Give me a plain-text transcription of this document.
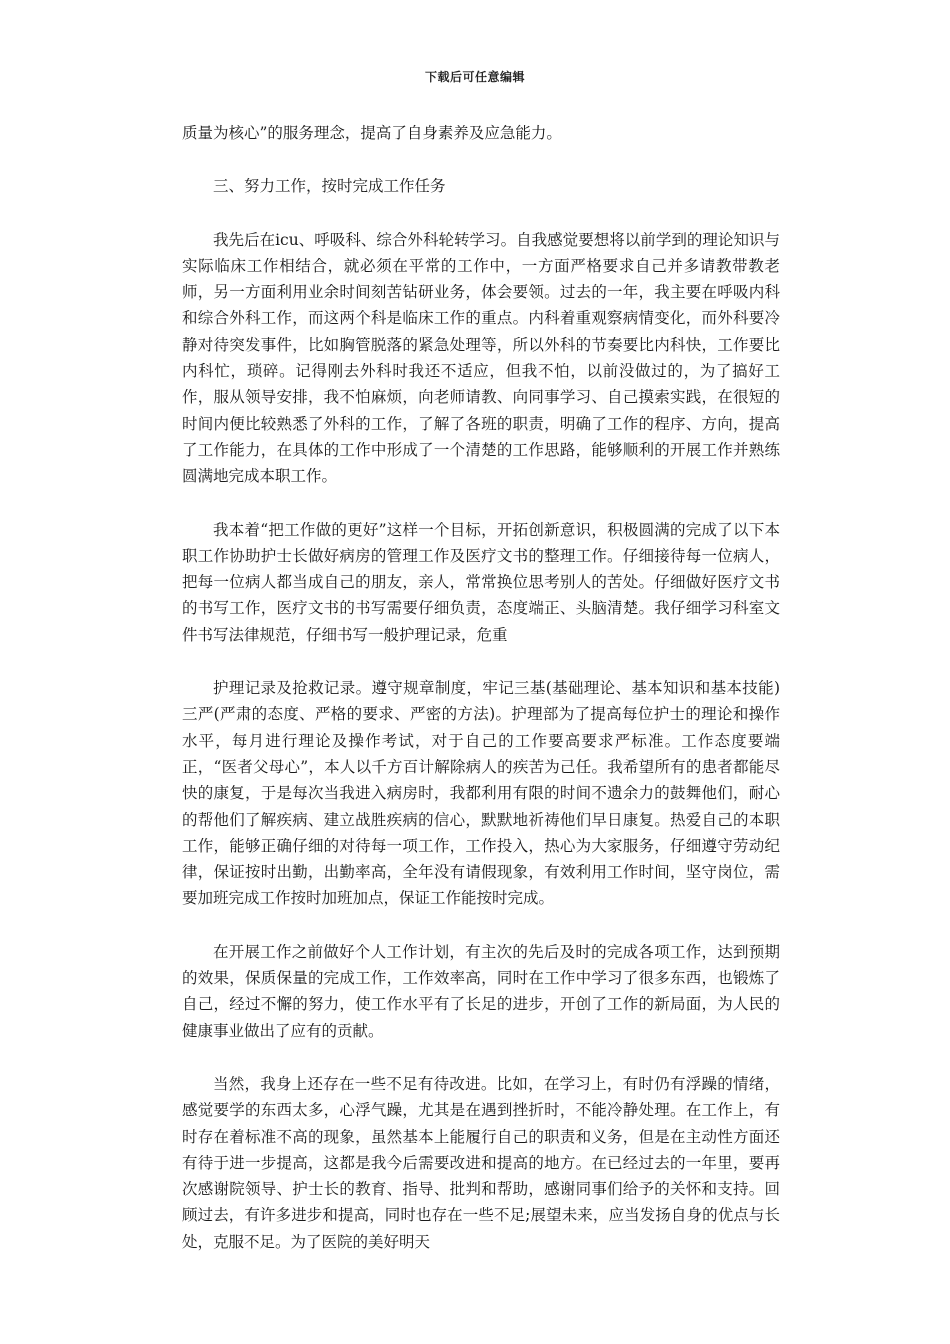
下载后可任意编辑

质量为核心”的服务理念，提高了自身素养及应急能力。

三、努力工作，按时完成工作任务

我先后在icu、呼吸科、综合外科轮转学习。自我感觉要想将以前学到的理论知识与实际临床工作相结合，就必须在平常的工作中，一方面严格要求自己并多请教带教老师，另一方面利用业余时间刻苦钻研业务，体会要领。过去的一年，我主要在呼吸内科和综合外科工作，而这两个科是临床工作的重点。内科着重观察病情变化，而外科要冷静对待突发事件，比如胸管脱落的紧急处理等，所以外科的节奏要比内科快，工作要比内科忙，琐碎。记得刚去外科时我还不适应，但我不怕，以前没做过的，为了搞好工作，服从领导安排，我不怕麻烦，向老师请教、向同事学习、自己摸索实践，在很短的时间内便比较熟悉了外科的工作，了解了各班的职责，明确了工作的程序、方向，提高了工作能力，在具体的工作中形成了一个清楚的工作思路，能够顺利的开展工作并熟练圆满地完成本职工作。

我本着“把工作做的更好”这样一个目标，开拓创新意识，积极圆满的完成了以下本职工作协助护士长做好病房的管理工作及医疗文书的整理工作。仔细接待每一位病人，把每一位病人都当成自己的朋友，亲人，常常换位思考别人的苦处。仔细做好医疗文书的书写工作，医疗文书的书写需要仔细负责，态度端正、头脑清楚。我仔细学习科室文件书写法律规范，仔细书写一般护理记录，危重

护理记录及抢救记录。遵守规章制度，牢记三基(基础理论、基本知识和基本技能)三严(严肃的态度、严格的要求、严密的方法)。护理部为了提高每位护士的理论和操作水平，每月进行理论及操作考试，对于自己的工作要高要求严标准。工作态度要端正，“医者父母心”，本人以千方百计解除病人的疾苦为己任。我希望所有的患者都能尽快的康复，于是每次当我进入病房时，我都利用有限的时间不遗余力的鼓舞他们，耐心的帮他们了解疾病、建立战胜疾病的信心，默默地祈祷他们早日康复。热爱自己的本职工作，能够正确仔细的对待每一项工作，工作投入，热心为大家服务，仔细遵守劳动纪律，保证按时出勤，出勤率高，全年没有请假现象，有效利用工作时间，坚守岗位，需要加班完成工作按时加班加点，保证工作能按时完成。

在开展工作之前做好个人工作计划，有主次的先后及时的完成各项工作，达到预期的效果，保质保量的完成工作，工作效率高，同时在工作中学习了很多东西，也锻炼了自己，经过不懈的努力，使工作水平有了长足的进步，开创了工作的新局面，为人民的健康事业做出了应有的贡献。

当然，我身上还存在一些不足有待改进。比如，在学习上，有时仍有浮躁的情绪，感觉要学的东西太多，心浮气躁，尤其是在遇到挫折时，不能冷静处理。在工作上，有时存在着标准不高的现象，虽然基本上能履行自己的职责和义务，但是在主动性方面还有待于进一步提高，这都是我今后需要改进和提高的地方。在已经过去的一年里，要再次感谢院领导、护士长的教育、指导、批判和帮助，感谢同事们给予的关怀和支持。回顾过去，有许多进步和提高，同时也存在一些不足;展望未来，应当发扬自身的优点与长处，克服不足。为了医院的美好明天
